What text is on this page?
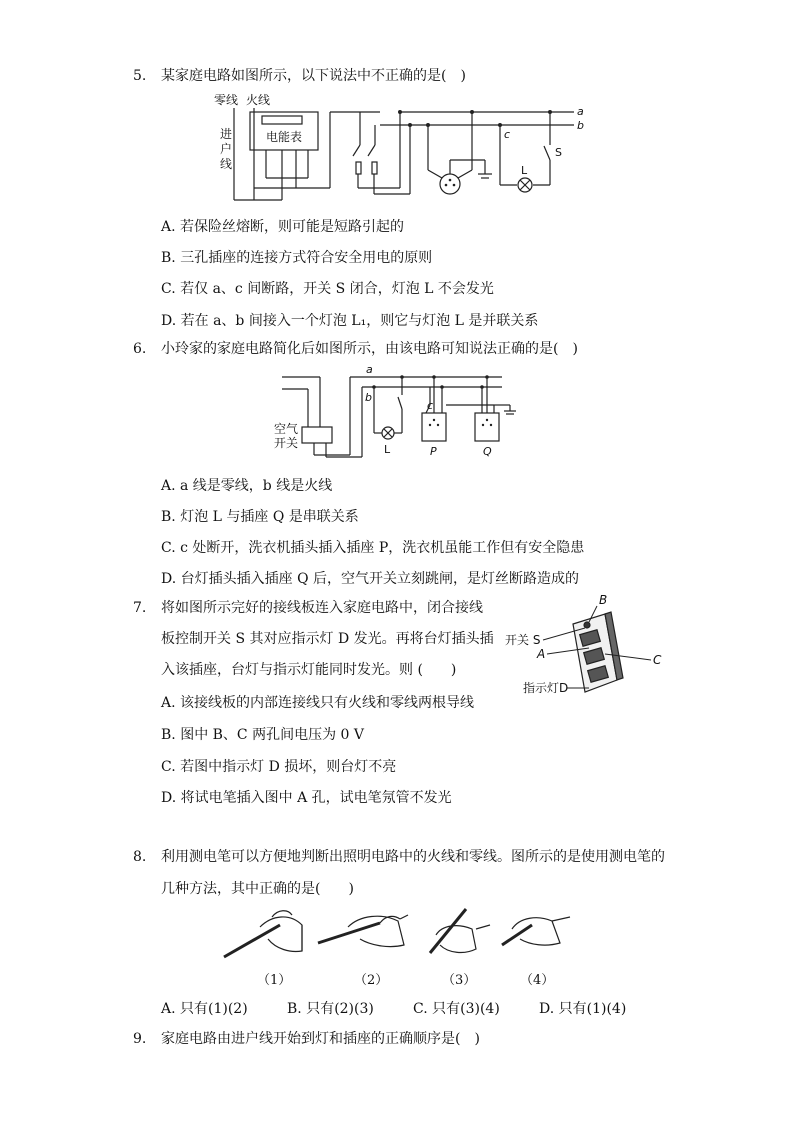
5. 某家庭电路如图所示，以下说法中不正确的是(　)
零线 火线
进
户
线
电能表
a
b
c
S
L
A. 若保险丝熔断，则可能是短路引起的
B. 三孔插座的连接方式符合安全用电的原则
C. 若仅 a、c 间断路，开关 S 闭合，灯泡 L 不会发光
D. 若在 a、b 间接入一个灯泡 L₁，则它与灯泡 L 是并联关系
6. 小玲家的家庭电路简化后如图所示，由该电路可知说法正确的是(　)
空气
开关
a
b
c
L	P	Q
A. a 线是零线，b 线是火线
B. 灯泡 L 与插座 Q 是串联关系
C. c 处断开，洗衣机插头插入插座 P，洗衣机虽能工作但有安全隐患
D. 台灯插头插入插座 Q 后，空气开关立刻跳闸，是灯丝断路造成的
7. 将如图所示完好的接线板连入家庭电路中，闭合接线
板控制开关 S 其对应指示灯 D 发光。再将台灯插头插
入该插座，台灯与指示灯能同时发光。则 (　　)
B
开关 S
A	C
指示灯D
A. 该接线板的内部连接线只有火线和零线两根导线
B. 图中 B、C 两孔间电压为 0 V
C. 若图中指示灯 D 损坏，则台灯不亮
D. 将试电笔插入图中 A 孔，试电笔氖管不发光
8. 利用测电笔可以方便地判断出照明电路中的火线和零线。图所示的是使用测电笔的
几种方法，其中正确的是(　　)
（1）	（2）	（3）	（4）
A. 只有(1)(2)	B. 只有(2)(3)	C. 只有(3)(4)	D. 只有(1)(4)
9. 家庭电路由进户线开始到灯和插座的正确顺序是(　)
